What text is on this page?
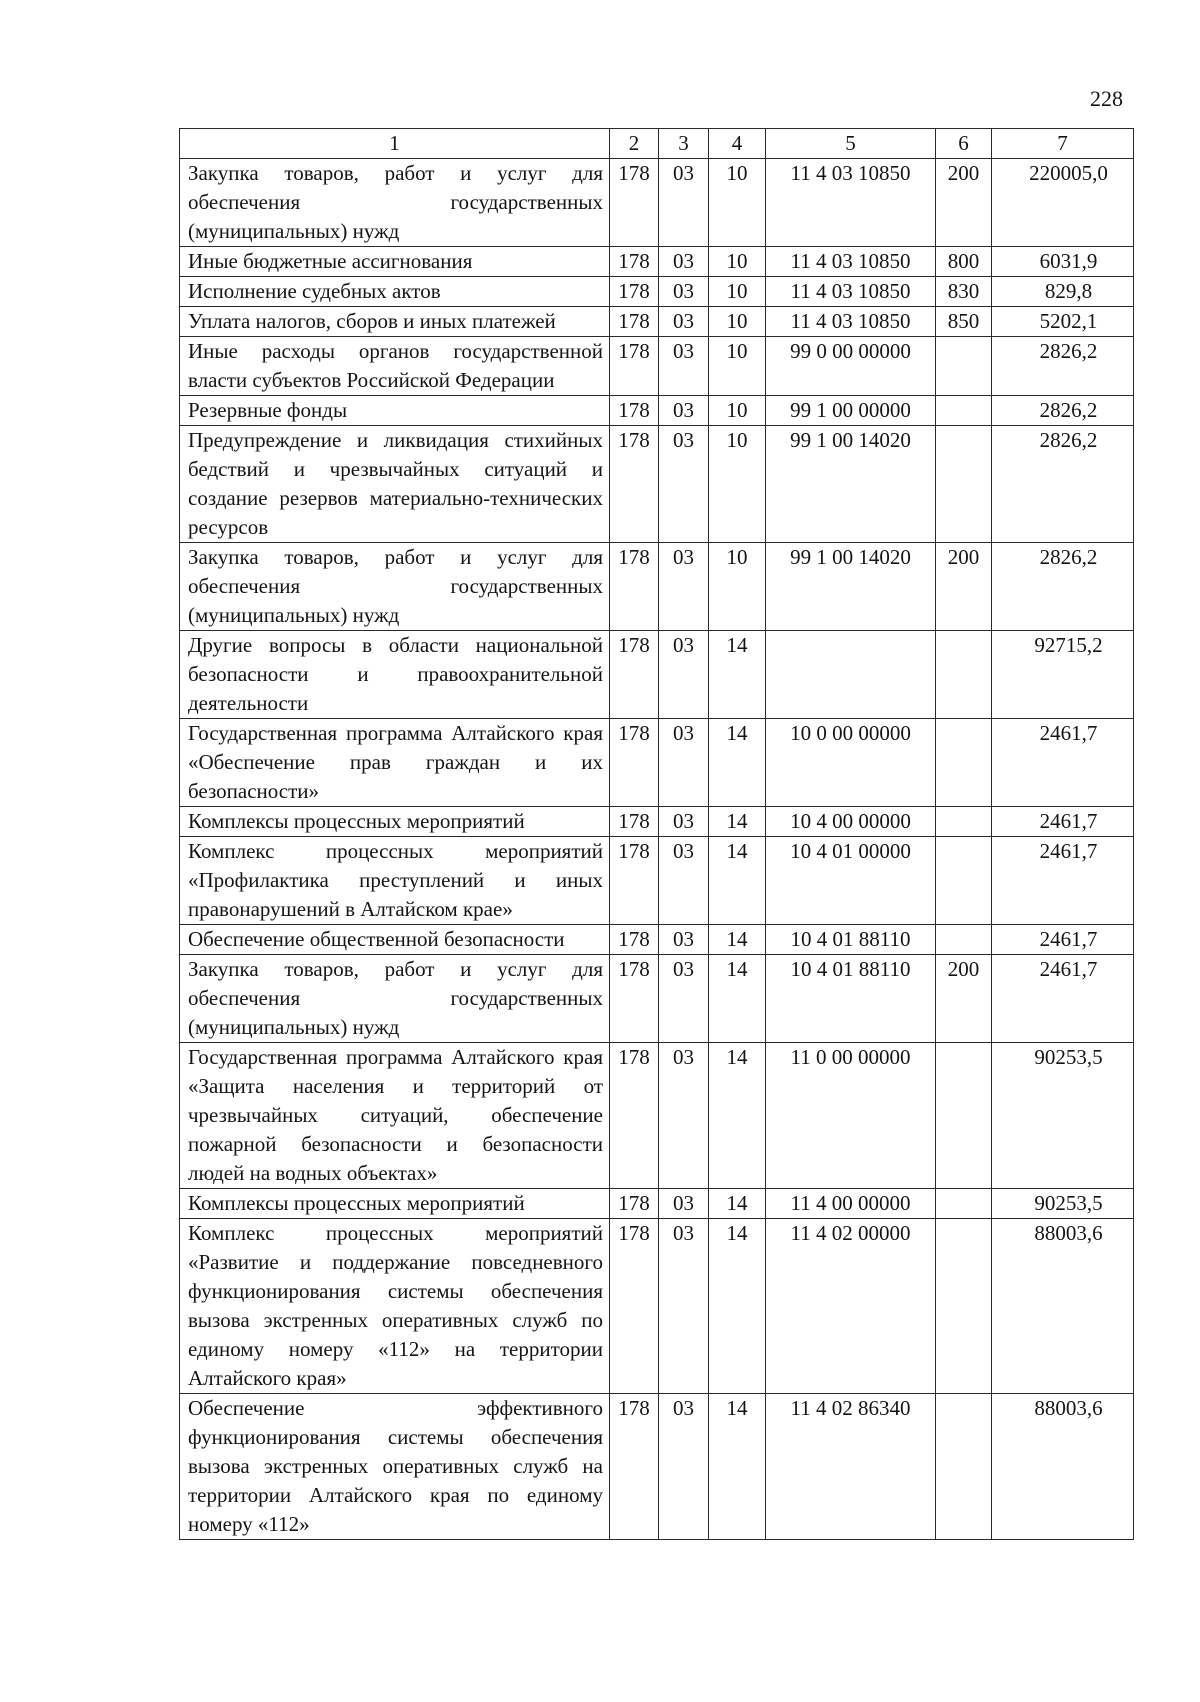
228
1	2	3	4	5	6	7
Закупка товаров, работ и услуг для обеспечения государственных (муниципальных) нужд	178	03	10	11 4 03 10850	200	220005,0
Иные бюджетные ассигнования	178	03	10	11 4 03 10850	800	6031,9
Исполнение судебных актов	178	03	10	11 4 03 10850	830	829,8
Уплата налогов, сборов и иных платежей	178	03	10	11 4 03 10850	850	5202,1
Иные расходы органов государственной власти субъектов Российской Федерации	178	03	10	99 0 00 00000		2826,2
Резервные фонды	178	03	10	99 1 00 00000		2826,2
Предупреждение и ликвидация стихийных бедствий и чрезвычайных ситуаций и создание резервов материально-технических ресурсов	178	03	10	99 1 00 14020		2826,2
Закупка товаров, работ и услуг для обеспечения государственных (муниципальных) нужд	178	03	10	99 1 00 14020	200	2826,2
Другие вопросы в области национальной безопасности и правоохранительной деятельности	178	03	14			92715,2
Государственная программа Алтайского края «Обеспечение прав граждан и их безопасности»	178	03	14	10 0 00 00000		2461,7
Комплексы процессных мероприятий	178	03	14	10 4 00 00000		2461,7
Комплекс процессных мероприятий «Профилактика преступлений и иных правонарушений в Алтайском крае»	178	03	14	10 4 01 00000		2461,7
Обеспечение общественной безопасности	178	03	14	10 4 01 88110		2461,7
Закупка товаров, работ и услуг для обеспечения государственных (муниципальных) нужд	178	03	14	10 4 01 88110	200	2461,7
Государственная программа Алтайского края «Защита населения и территорий от чрезвычайных ситуаций, обеспечение пожарной безопасности и безопасности людей на водных объектах»	178	03	14	11 0 00 00000		90253,5
Комплексы процессных мероприятий	178	03	14	11 4 00 00000		90253,5
Комплекс процессных мероприятий «Развитие и поддержание повседневного функционирования системы обеспечения вызова экстренных оперативных служб по единому номеру «112» на территории Алтайского края»	178	03	14	11 4 02 00000		88003,6
Обеспечение эффективного функционирования системы обеспечения вызова экстренных оперативных служб на территории Алтайского края по единому номеру «112»	178	03	14	11 4 02 86340		88003,6
